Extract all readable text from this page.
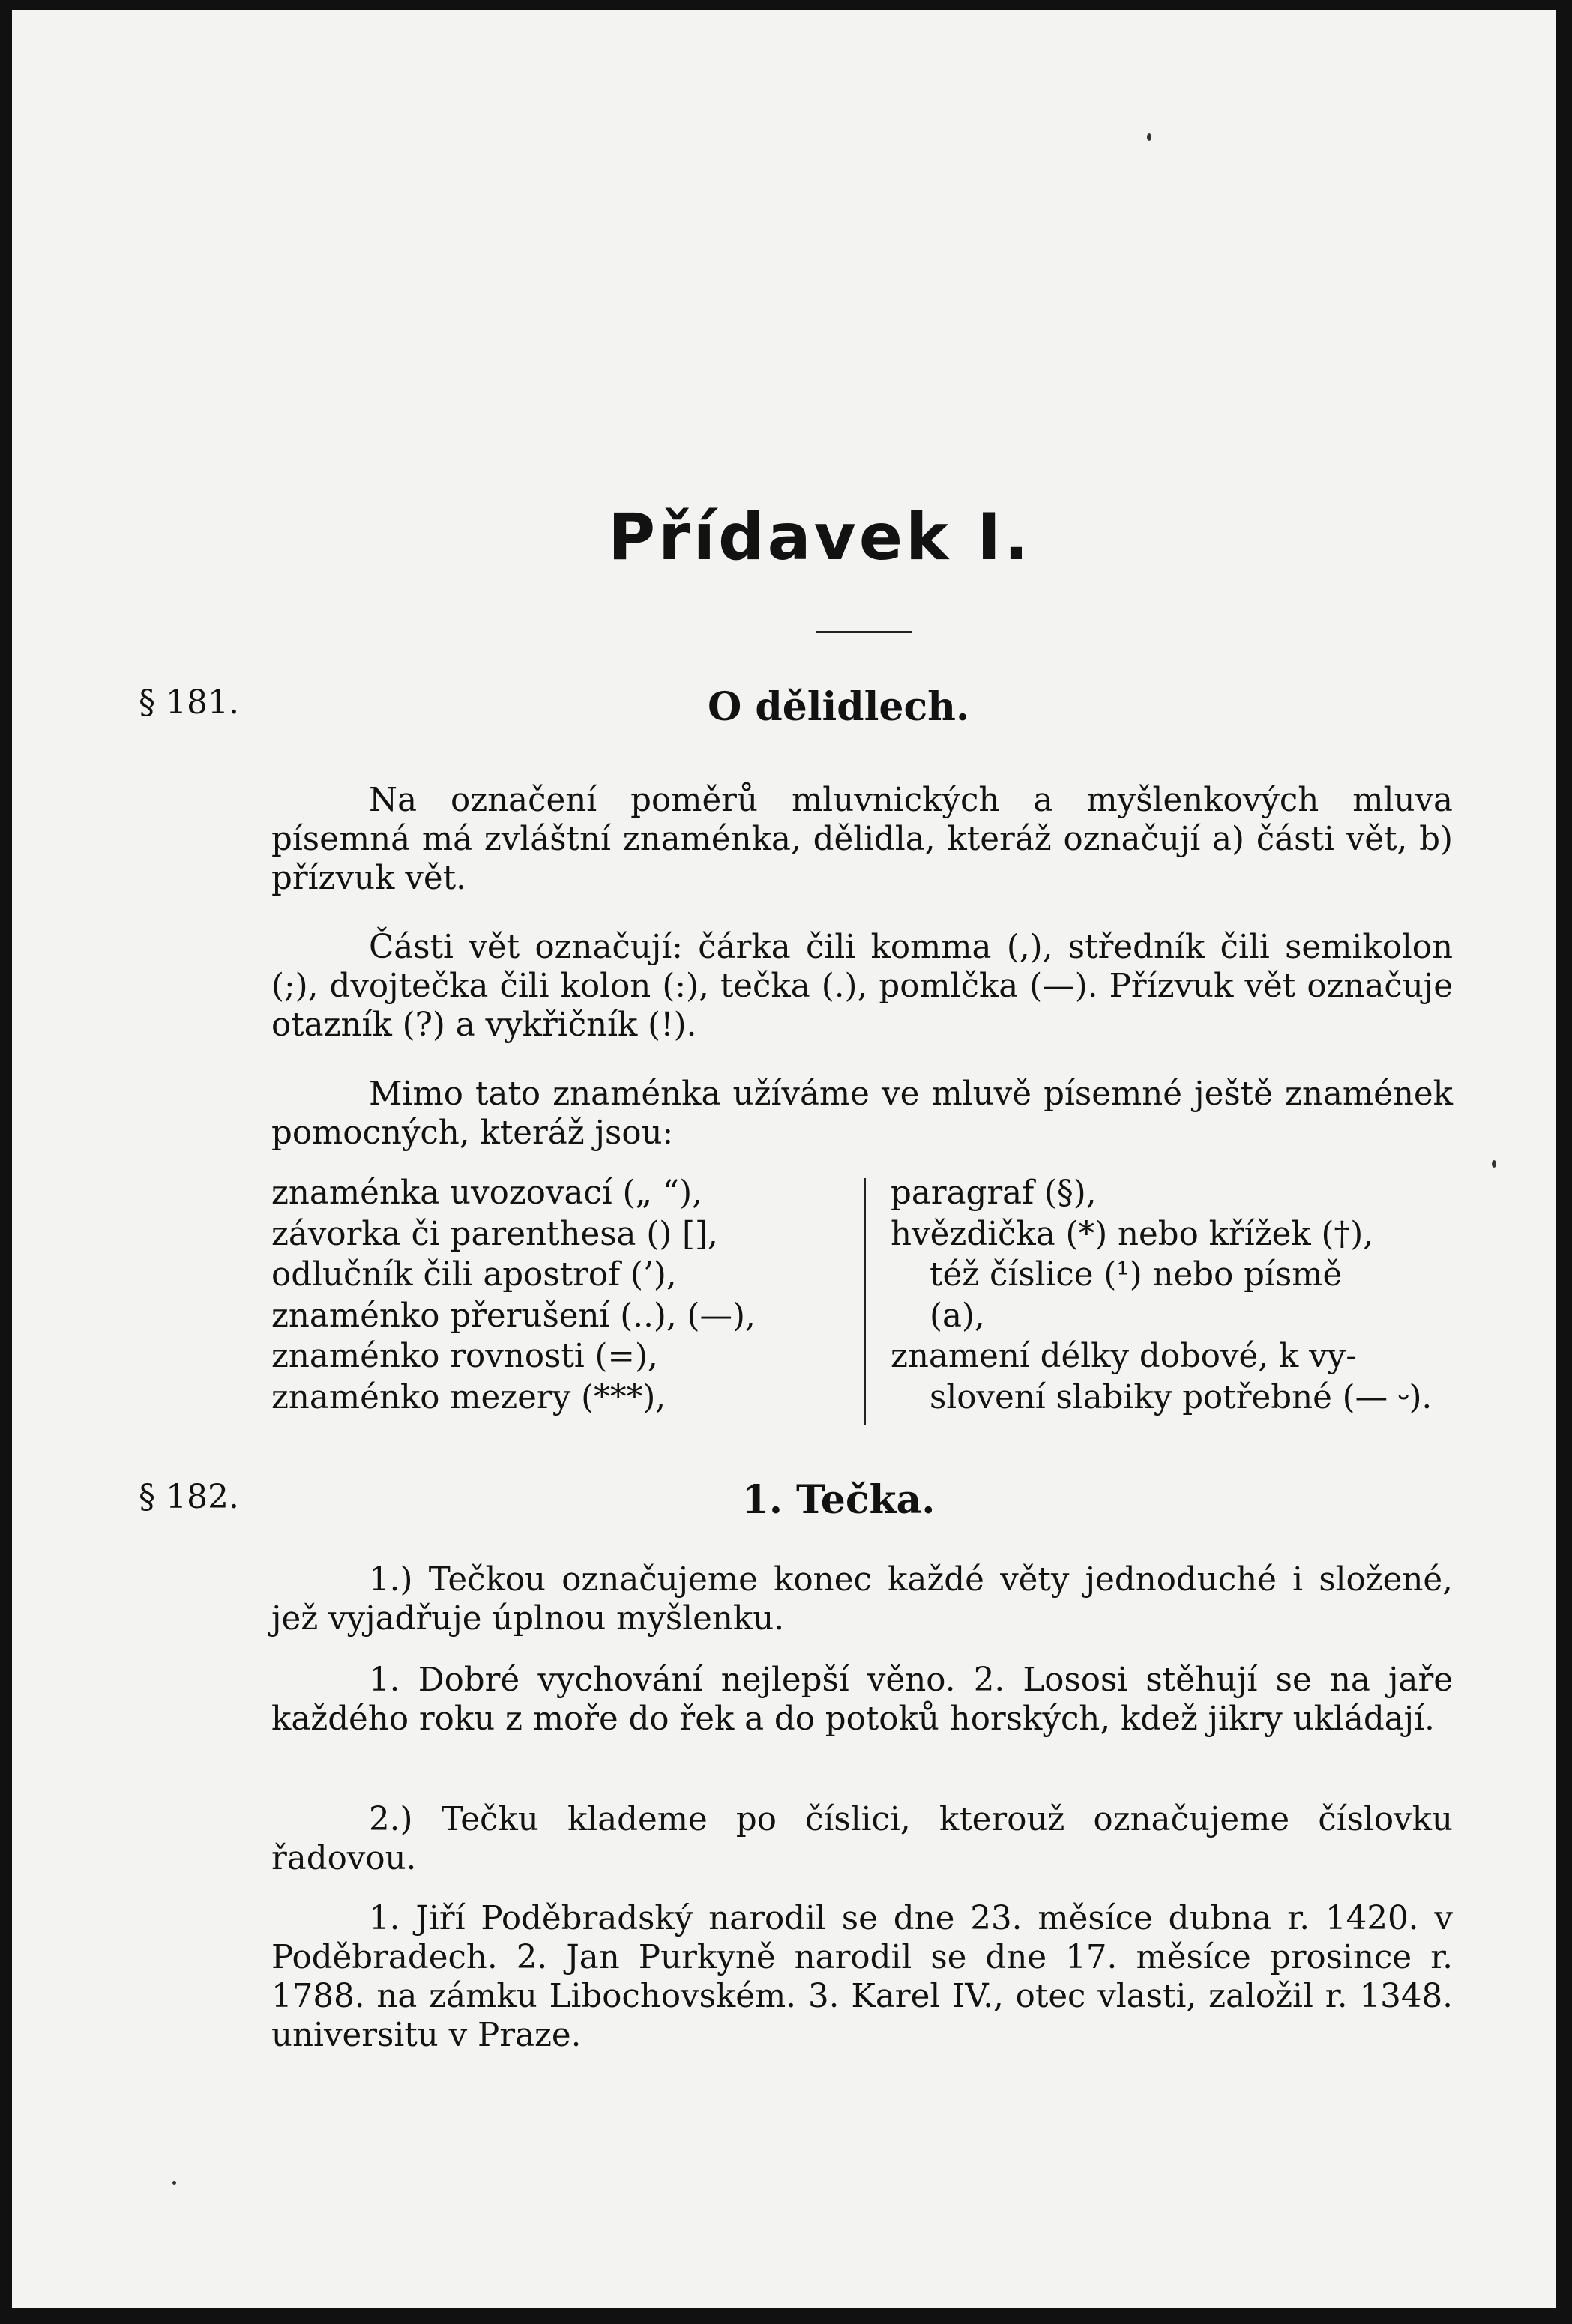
Přídavek I.
§ 181.	O dělidlech.
Na označení poměrů mluvnických a myšlenkových mluva písemná má zvláštní znaménka, dělidla, kteráž označují a) části vět, b) přízvuk vět.
Části vět označují: čárka čili komma (,), středník čili semikolon (;), dvojtečka čili kolon (:), tečka (.), pomlčka (—). Přízvuk vět označuje otazník (?) a vykřičník (!).
Mimo tato znaménka užíváme ve mluvě písemné ještě znamének pomocných, kteráž jsou:
znaménka uvozovací („ “),
závorka či parenthesa () [],
odlučník čili apostrof (’),
znaménko přerušení (..), (—),
znaménko rovnosti (=),
znaménko mezery (***),
paragraf (§),
hvězdička (*) nebo křížek (†),
též číslice (¹) nebo písmě
(a),
znamení délky dobové, k vy-
slovení slabiky potřebné (— ⏑).
§ 182.	1. Tečka.
1.) Tečkou označujeme konec každé věty jednoduché i složené, jež vyjadřuje úplnou myšlenku.
1. Dobré vychování nejlepší věno. 2. Lososi stěhují se na jaře každého roku z moře do řek a do potoků horských, kdež jikry ukládají.
2.) Tečku klademe po číslici, kterouž označujeme číslovku řadovou.
1. Jiří Poděbradský narodil se dne 23. měsíce dubna r. 1420. v Poděbradech. 2. Jan Purkyně narodil se dne 17. měsíce prosince r. 1788. na zámku Libochovském. 3. Karel IV., otec vlasti, založil r. 1348. universitu v Praze.
